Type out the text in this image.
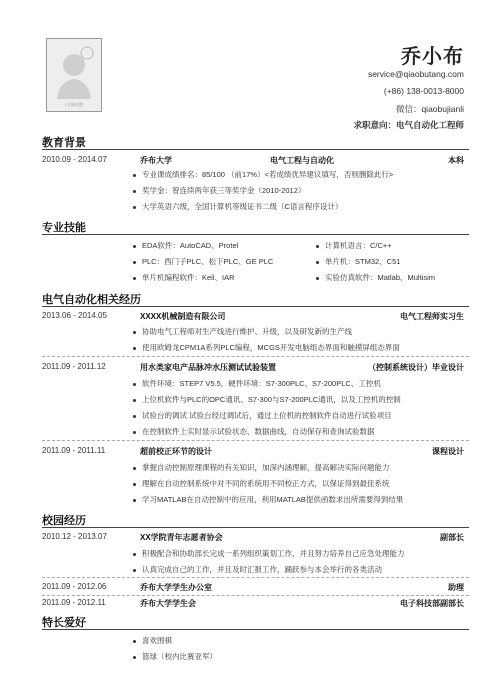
1寸职业照
乔小布
service@qiaobutang.com
(+86) 138-0013-8000
微信：qiaobujianli
求职意向：电气自动化工程师
教育背景
2010.09 - 2014.07	乔布大学	电气工程与自动化	本科
专业课成绩排名：85/100 （前17%）<若成绩优异建议填写，否则删除此行>
奖学金：曾连续两年获三等奖学金（2010-2012）
大学英语六级，全国计算机等级证书二级（C语言程序设计）
专业技能
EDA软件：AutoCAD、Protel
PLC：西门子PLC、松下PLC、GE PLC
单片机编程软件：Keil、IAR
计算机语言：C/C++
单片机：STM32、C51
实验仿真软件：Matlab、Multisim
电气自动化相关经历
2013.06 - 2014.05	XXXX机械制造有限公司	电气工程师实习生
协助电气工程师对生产线进行维护、升级，以及研发新的生产线
使用欧姆龙CPM1A系列PLC编程，MCGS开发电脑组态界面和触摸屏组态界面
2011.09 - 2011.12	用水类家电产品脉冲水压测试试验装置	（控制系统设计）毕业设计
软件环境：STEP7 V5.5，硬件环境：S7-300PLC、S7-200PLC、工控机
上位机软件与PLC的OPC通讯、S7-300与S7-200PLC通讯，以及工控机的控制
试验台的调试 试验台经过调试后，通过上位机的控制软件自动进行试验项目
在控制软件上实时显示试验状态、数据曲线，自动保存和查询试验数据
2011.09 - 2011.11	超前校正环节的设计	课程设计
掌握自动控制原理课程的有关知识，加深内涵理解，提高解决实际问题能力
理解在自动控制系统中对不同的系统用不同校正方式，以保证得到最佳系统
学习MATLAB在自动控制中的应用，利用MATLAB提供函数求出所需要得到结果
校园经历
2010.12 - 2013.07	XX学院青年志愿者协会	副部长
积极配合和协助部长完成一系列组织策划工作，并且努力培养自己应急处理能力
认真完成自己的工作，并且及时汇报工作，踊跃参与本会举行的各类活动
2011.09 - 2012.06	乔布大学学生办公室	助理
2011.09 - 2012.11	乔布大学学生会	电子科技部副部长
特长爱好
喜欢围棋
篮球（校内比赛亚军）
